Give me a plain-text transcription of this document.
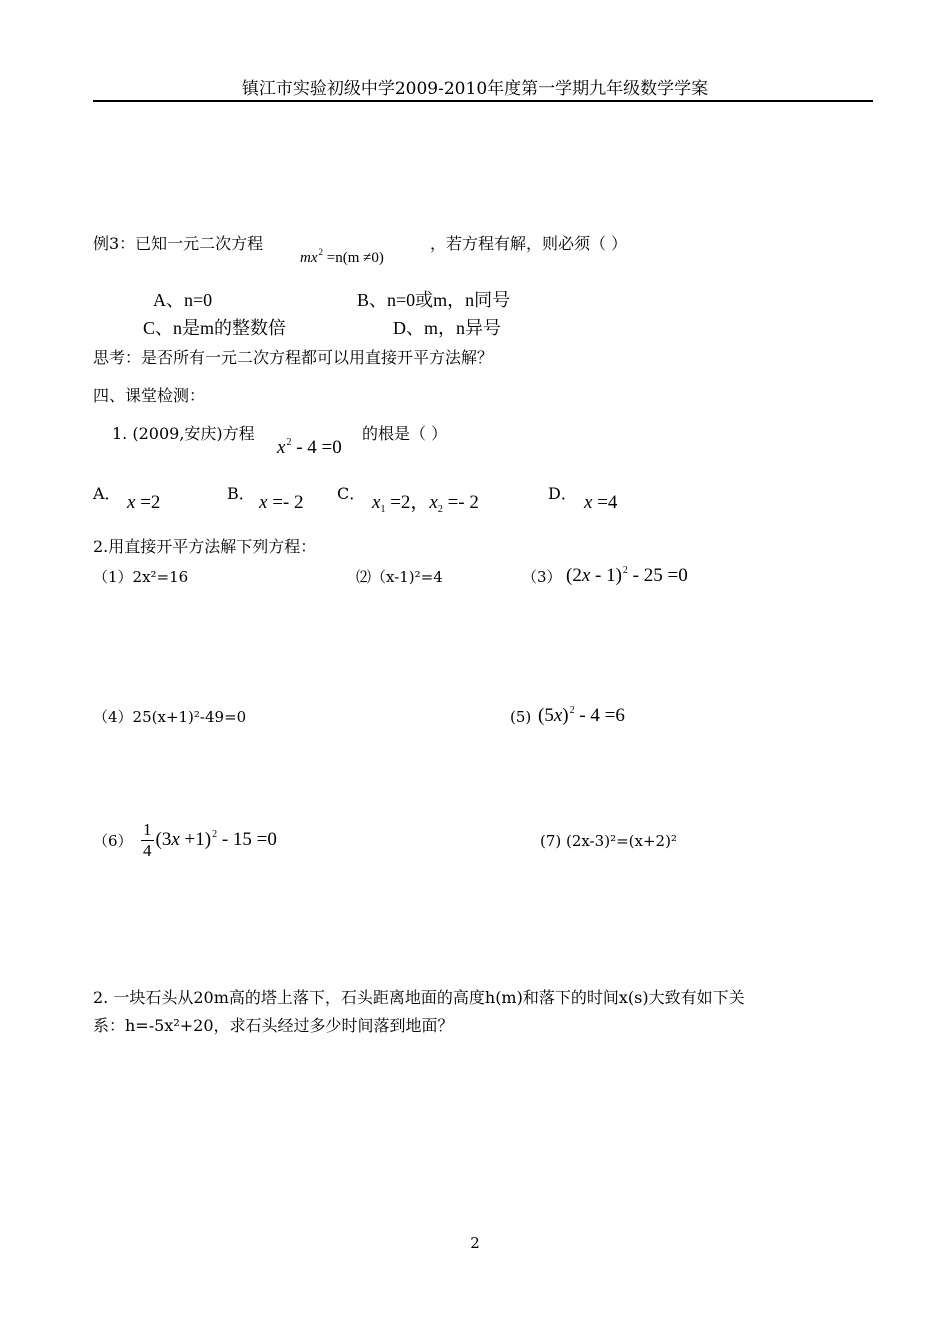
镇江市实验初级中学2009-2010年度第一学期九年级数学学案
例3：已知一元二次方程
$mx^2 =n(m \ne 0)$
，若方程有解，则必须（ ）
A、n=0	B、n=0或m，n同号
C、n是m的整数倍	D、m，n异号
思考：是否所有一元二次方程都可以用直接开平方法解？
四、课堂检测：
1. (2009,安庆)方程
$x^2 - 4 =0$
的根是（ ）
A． x =2	B． x =- 2 C． $x_1 =2$，$x_2 =- 2$	D． x =4
2.用直接开平方法解下列方程：
（1）2x²=16	⑵（x-1)²=4	（3） (2x - 1)$^2$ - 25 =0
（4）25(x+1)²-49=0	(5) $(5x)^2 - 4 =6$
$(6) \frac{1}{4} (3x +1)^2 - 15 =0$	(7) (2x-3)²=(x+2)²
2. 一块石头从20m高的塔上落下，石头距离地面的高度h(m)和落下的时间x(s)大致有如下关
系：h=-5x²+20，求石头经过多少时间落到地面？
2
